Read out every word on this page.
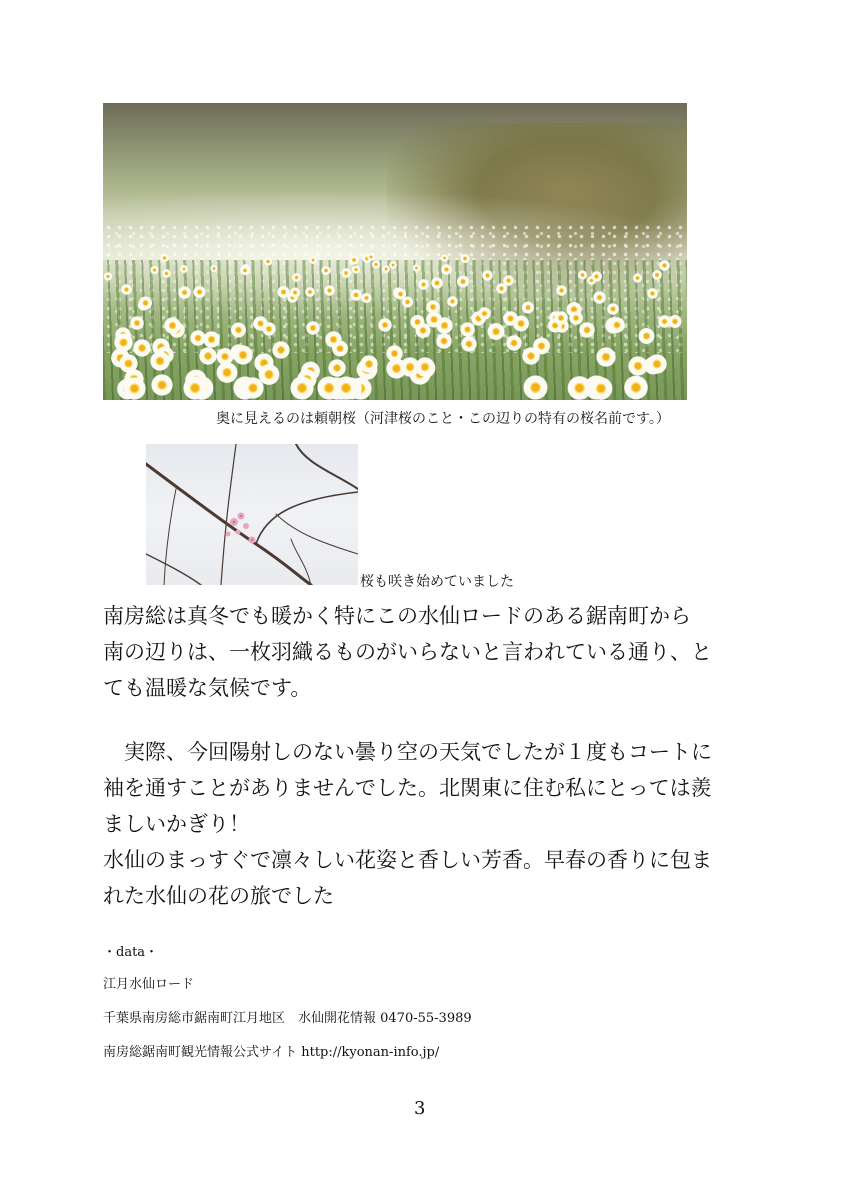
奥に見えるのは頼朝桜（河津桜のこと・この辺りの特有の桜名前です。）
桜も咲き始めていました
南房総は真冬でも暖かく特にこの水仙ロードのある鋸南町から
南の辺りは、一枚羽織るものがいらないと言われている通り、と
ても温暖な気候です。
　実際、今回陽射しのない曇り空の天気でしたが１度もコートに
袖を通すことがありませんでした。北関東に住む私にとっては羨
ましいかぎり！
水仙のまっすぐで凛々しい花姿と香しい芳香。早春の香りに包ま
れた水仙の花の旅でした
・data・
江月水仙ロード
千葉県南房総市鋸南町江月地区　水仙開花情報 0470-55-3989
南房総鋸南町観光情報公式サイト http://kyonan-info.jp/
3
